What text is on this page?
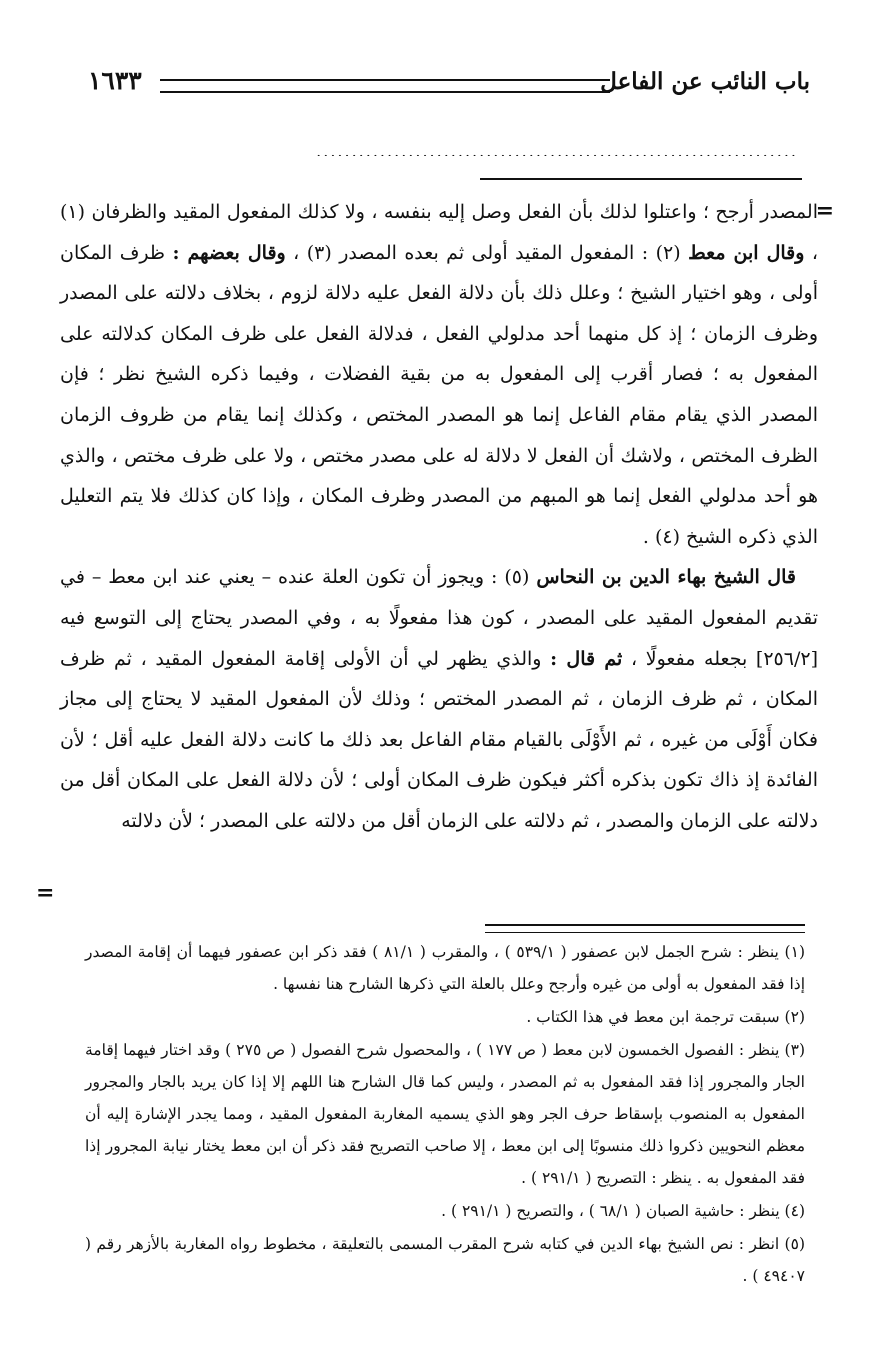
١٦٣٣	باب النائب عن الفاعل
....................................................................
=
=

المصدر أرجح ؛ واعتلوا لذلك بأن الفعل وصل إليه بنفسه ، ولا كذلك المفعول المقيد والظرفان (١) ، وقال ابن معط (٢) : المفعول المقيد أولى ثم بعده المصدر (٣) ، وقال بعضهم : ظرف المكان أولى ، وهو اختيار الشيخ ؛ وعلل ذلك بأن دلالة الفعل عليه دلالة لزوم ، بخلاف دلالته على المصدر وظرف الزمان ؛ إذ كل منهما أحد مدلولي الفعل ، فدلالة الفعل على ظرف المكان كدلالته على المفعول به ؛ فصار أقرب إلى المفعول به من بقية الفضلات ، وفيما ذكره الشيخ نظر ؛ فإن المصدر الذي يقام مقام الفاعل إنما هو المصدر المختص ، وكذلك إنما يقام من ظروف الزمان الظرف المختص ، ولاشك أن الفعل لا دلالة له على مصدر مختص ، ولا على ظرف مختص ، والذي هو أحد مدلولي الفعل إنما هو المبهم من المصدر وظرف المكان ، وإذا كان كذلك فلا يتم التعليل الذي ذكره الشيخ (٤) .

قال الشيخ بهاء الدين بن النحاس (٥) : ويجوز أن تكون العلة عنده – يعني عند ابن معط – في تقديم المفعول المقيد على المصدر ، كون هذا مفعولًا به ، وفي المصدر يحتاج إلى التوسع فيه [٢٥٦/٢] بجعله مفعولًا ، ثم قال : والذي يظهر لي أن الأولى إقامة المفعول المقيد ، ثم ظرف المكان ، ثم ظرف الزمان ، ثم المصدر المختص ؛ وذلك لأن المفعول المقيد لا يحتاج إلى مجاز فكان أَوْلَى من غيره ، ثم الأَوْلَى بالقيام مقام الفاعل بعد ذلك ما كانت دلالة الفعل عليه أقل ؛ لأن الفائدة إذ ذاك تكون بذكره أكثر فيكون ظرف المكان أولى ؛ لأن دلالة الفعل على المكان أقل من دلالته على الزمان والمصدر ، ثم دلالته على الزمان أقل من دلالته على المصدر ؛ لأن دلالته

(١) ينظر : شرح الجمل لابن عصفور ( ٥٣٩/١ ) ، والمقرب ( ٨١/١ ) فقد ذكر ابن عصفور فيهما أن إقامة المصدر إذا فقد المفعول به أولى من غيره وأرجح وعلل بالعلة التي ذكرها الشارح هنا نفسها .

(٢) سبقت ترجمة ابن معط في هذا الكتاب .

(٣) ينظر : الفصول الخمسون لابن معط ( ص ١٧٧ ) ، والمحصول شرح الفصول ( ص ٢٧٥ ) وقد اختار فيهما إقامة الجار والمجرور إذا فقد المفعول به ثم المصدر ، وليس كما قال الشارح هنا اللهم إلا إذا كان يريد بالجار والمجرور المفعول به المنصوب بإسقاط حرف الجر وهو الذي يسميه المغاربة المفعول المقيد ، ومما يجدر الإشارة إليه أن معظم النحويين ذكروا ذلك منسوبًا إلى ابن معط ، إلا صاحب التصريح فقد ذكر أن ابن معط يختار نيابة المجرور إذا فقد المفعول به . ينظر : التصريح ( ٢٩١/١ ) .

(٤) ينظر : حاشية الصبان ( ٦٨/١ ) ، والتصريح ( ٢٩١/١ ) .

(٥) انظر : نص الشيخ بهاء الدين في كتابه شرح المقرب المسمى بالتعليقة ، مخطوط رواه المغاربة بالأزهر رقم ( ٤٩٤٠٧ ) .
